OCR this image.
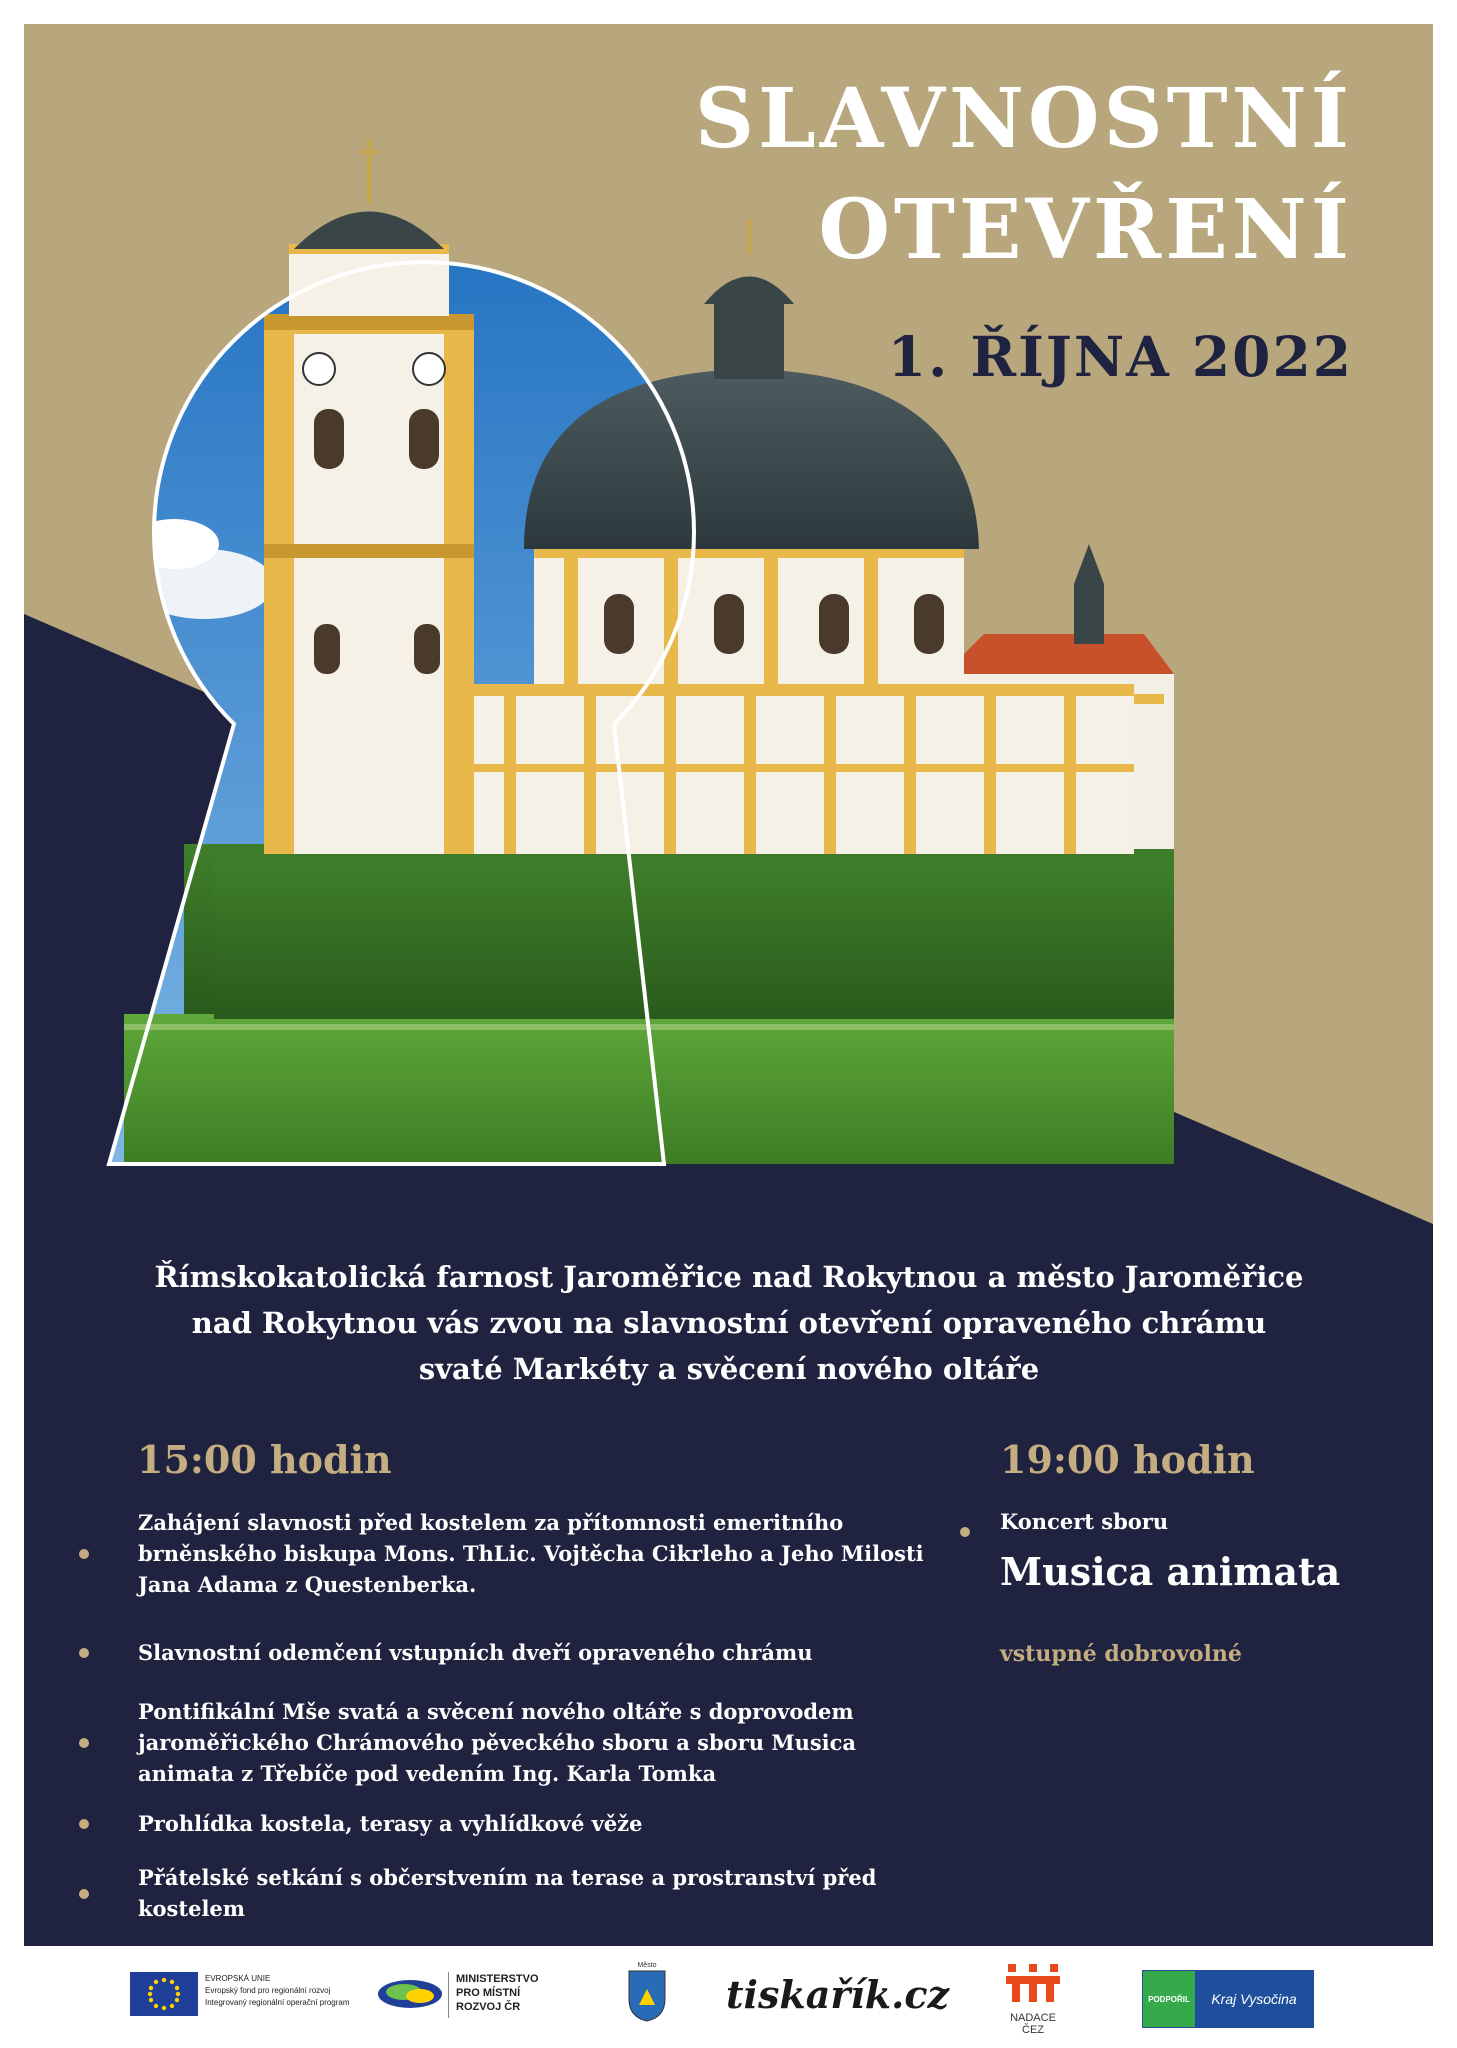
SLAVNOSTNÍ
OTEVŘENÍ
1. ŘÍJNA 2022
Římskokatolická farnost Jaroměřice nad Rokytnou a město Jaroměřice
nad Rokytnou vás zvou na slavnostní otevření opraveného chrámu
svaté Markéty a svěcení nového oltáře
15:00 hodin	19:00 hodin
Zahájení slavnosti před kostelem za přítomnosti emeritního
brněnského biskupa Mons. ThLic. Vojtěcha Cikrleho a Jeho Milosti
Jana Adama z Questenberka.
Slavnostní odemčení vstupních dveří opraveného chrámu
Pontifikální Mše svatá a svěcení nového oltáře s doprovodem
jaroměřického Chrámového pěveckého sboru a sboru Musica
animata z Třebíče pod vedením Ing. Karla Tomka
Prohlídka kostela, terasy a vyhlídkové věže
Přátelské setkání s občerstvením na terase a prostranství před
kostelem
Koncert sboru
Musica animata
vstupné dobrovolné
EVROPSKÁ UNIE
Evropský fond pro regionální rozvoj
Integrovaný regionální operační program
MINISTERSTVO
PRO MÍSTNÍ
ROZVOJ ČR
Město
tiskařík.cz
NADACE ČEZ
PODPOŘIL	Kraj Vysočina
